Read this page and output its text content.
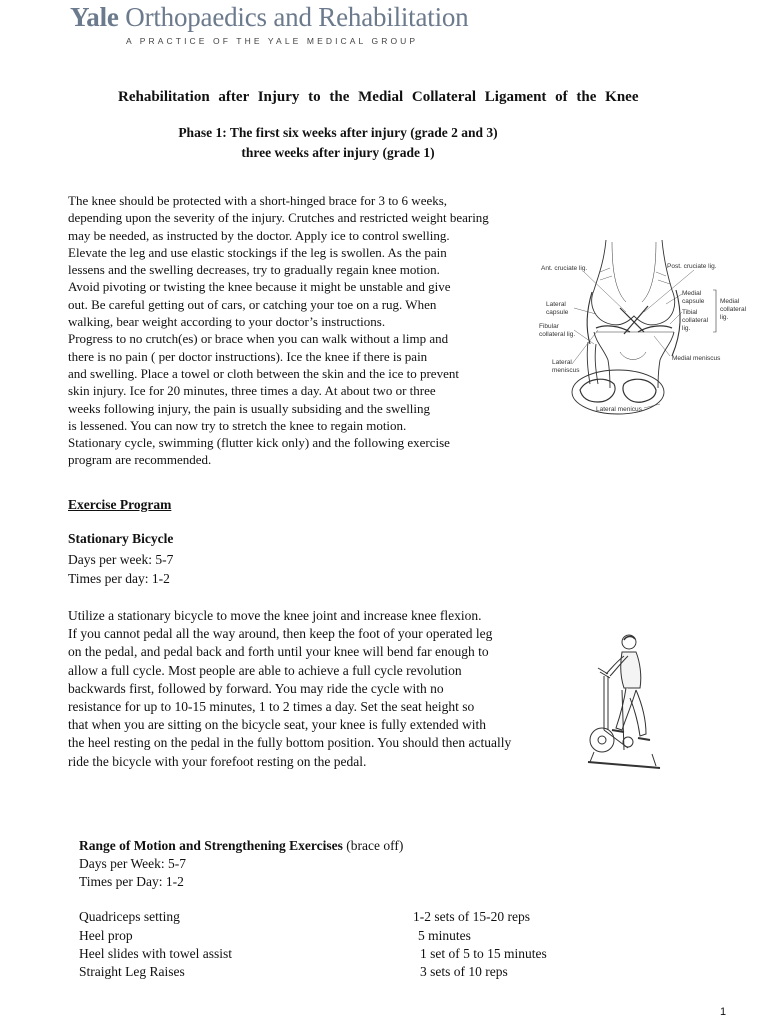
Yale Orthopaedics and Rehabilitation
A PRACTICE OF THE YALE MEDICAL GROUP
Rehabilitation after Injury to the Medial Collateral Ligament of the Knee
Phase 1: The first six weeks after injury (grade 2 and 3)
three weeks after injury (grade 1)
The knee should be protected with a short-hinged brace for 3 to 6 weeks,
depending upon the severity of the injury. Crutches and restricted weight bearing
may be needed, as instructed by the doctor. Apply ice to control swelling.
Elevate the leg and use elastic stockings if the leg is swollen. As the pain
lessens and the swelling decreases, try to gradually regain knee motion.
Avoid pivoting or twisting the knee because it might be unstable and give
out. Be careful getting out of cars, or catching your toe on a rug. When
walking, bear weight according to your doctor’s instructions.
Progress to no crutch(es) or brace when you can walk without a limp and
there is no pain ( per doctor instructions). Ice the knee if there is pain
and swelling. Place a towel or cloth between the skin and the ice to prevent
skin injury. Ice for 20 minutes, three times a day. At about two or three
weeks following injury, the pain is usually subsiding and the swelling
is lessened. You can now try to stretch the knee to regain motion.
Stationary cycle, swimming (flutter kick only) and the following exercise
program are recommended.
Ant. cruciate lig.	Post. cruciate lig.
Lateral
capsule
Medial
capsule
Tibial
collateral
lig.
Medial
collateral
lig.
Fibular
collateral lig.
Lateral
meniscus
Medial meniscus
Lateral menicus
Exercise Program
Stationary Bicycle
Days per week: 5-7
Times per day: 1-2
Utilize a stationary bicycle to move the knee joint and increase knee flexion.
If you cannot pedal all the way around, then keep the foot of your operated leg
on the pedal, and pedal back and forth until your knee will bend far enough to
allow a full cycle. Most people are able to achieve a full cycle revolution
backwards first, followed by forward. You may ride the cycle with no
resistance for up to 10-15 minutes, 1 to 2 times a day. Set the seat height so
that when you are sitting on the bicycle seat, your knee is fully extended with
the heel resting on the pedal in the fully bottom position. You should then actually
ride the bicycle with your forefoot resting on the pedal.
Range of Motion and Strengthening Exercises (brace off)
Days per Week: 5-7
Times per Day: 1-2
Quadriceps setting	1-2 sets of 15-20 reps
Heel prop	5 minutes
Heel slides with towel assist	1 set of 5 to 15 minutes
Straight Leg Raises	3 sets of 10 reps
1
